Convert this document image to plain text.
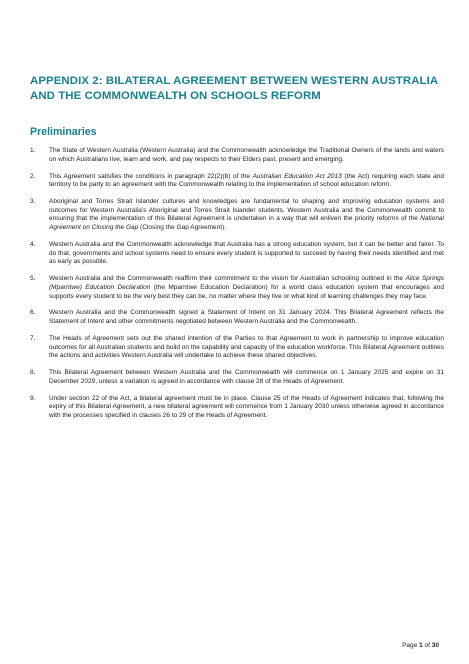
APPENDIX 2: BILATERAL AGREEMENT BETWEEN WESTERN AUSTRALIA AND THE COMMONWEALTH ON SCHOOLS REFORM
Preliminaries
1.	The State of Western Australia (Western Australia) and the Commonwealth acknowledge the Traditional Owners of the lands and waters on which Australians live, learn and work, and pay respects to their Elders past, present and emerging.
2.	This Agreement satisfies the conditions in paragraph 22(2)(b) of the Australian Education Act 2013 (the Act) requiring each state and territory to be party to an agreement with the Commonwealth relating to the implementation of school education reform.
3.	Aboriginal and Torres Strait Islander cultures and knowledges are fundamental to shaping and improving education systems and outcomes for Western Australia’s Aboriginal and Torres Strait Islander students. Western Australia and the Commonwealth commit to ensuring that the implementation of this Bilateral Agreement is undertaken in a way that will enliven the priority reforms of the National Agreement on Closing the Gap (Closing the Gap Agreement).
4.	Western Australia and the Commonwealth acknowledge that Australia has a strong education system, but it can be better and fairer. To do that, governments and school systems need to ensure every student is supported to succeed by having their needs identified and met as early as possible.
5.	Western Australia and the Commonwealth reaffirm their commitment to the vision for Australian schooling outlined in the Alice Springs (Mparntwe) Education Declaration (the Mparntwe Education Declaration) for a world class education system that encourages and supports every student to be the very best they can be, no matter where they live or what kind of learning challenges they may face.
6.	Western Australia and the Commonwealth signed a Statement of Intent on 31 January 2024. This Bilateral Agreement reflects the Statement of Intent and other commitments negotiated between Western Australia and the Commonwealth.
7.	The Heads of Agreement sets out the shared intention of the Parties to that Agreement to work in partnership to improve education outcomes for all Australian students and build on the capability and capacity of the education workforce. This Bilateral Agreement outlines the actions and activities Western Australia will undertake to achieve these shared objectives.
8.	This Bilateral Agreement between Western Australia and the Commonwealth will commence on 1 January 2025 and expire on 31 December 2029, unless a variation is agreed in accordance with clause 28 of the Heads of Agreement.
9.	Under section 22 of the Act, a bilateral agreement must be in place. Clause 25 of the Heads of Agreement indicates that, following the expiry of this Bilateral Agreement, a new bilateral agreement will commence from 1 January 2030 unless otherwise agreed in accordance with the processes specified in clauses 26 to 29 of the Heads of Agreement.
Page 1 of 30
